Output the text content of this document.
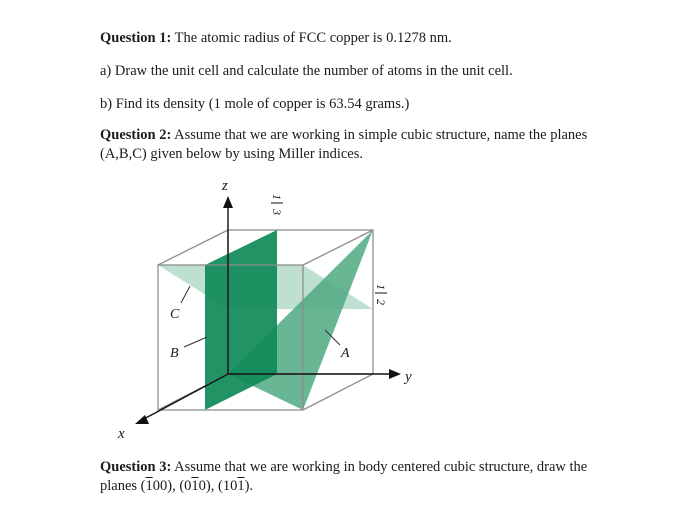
Question 1: The atomic radius of FCC copper is 0.1278 nm.
a) Draw the unit cell and calculate the number of atoms in the unit cell.
b) Find its density (1 mole of copper is 63.54 grams.)
Question 2: Assume that we are working in simple cubic structure, name the planes
(A,B,C) given below by using Miller indices.
z
y
x
1
3
1
2
C
B	A
Question 3: Assume that we are working in body centered cubic structure, draw the
planes (100), (010), (101).
